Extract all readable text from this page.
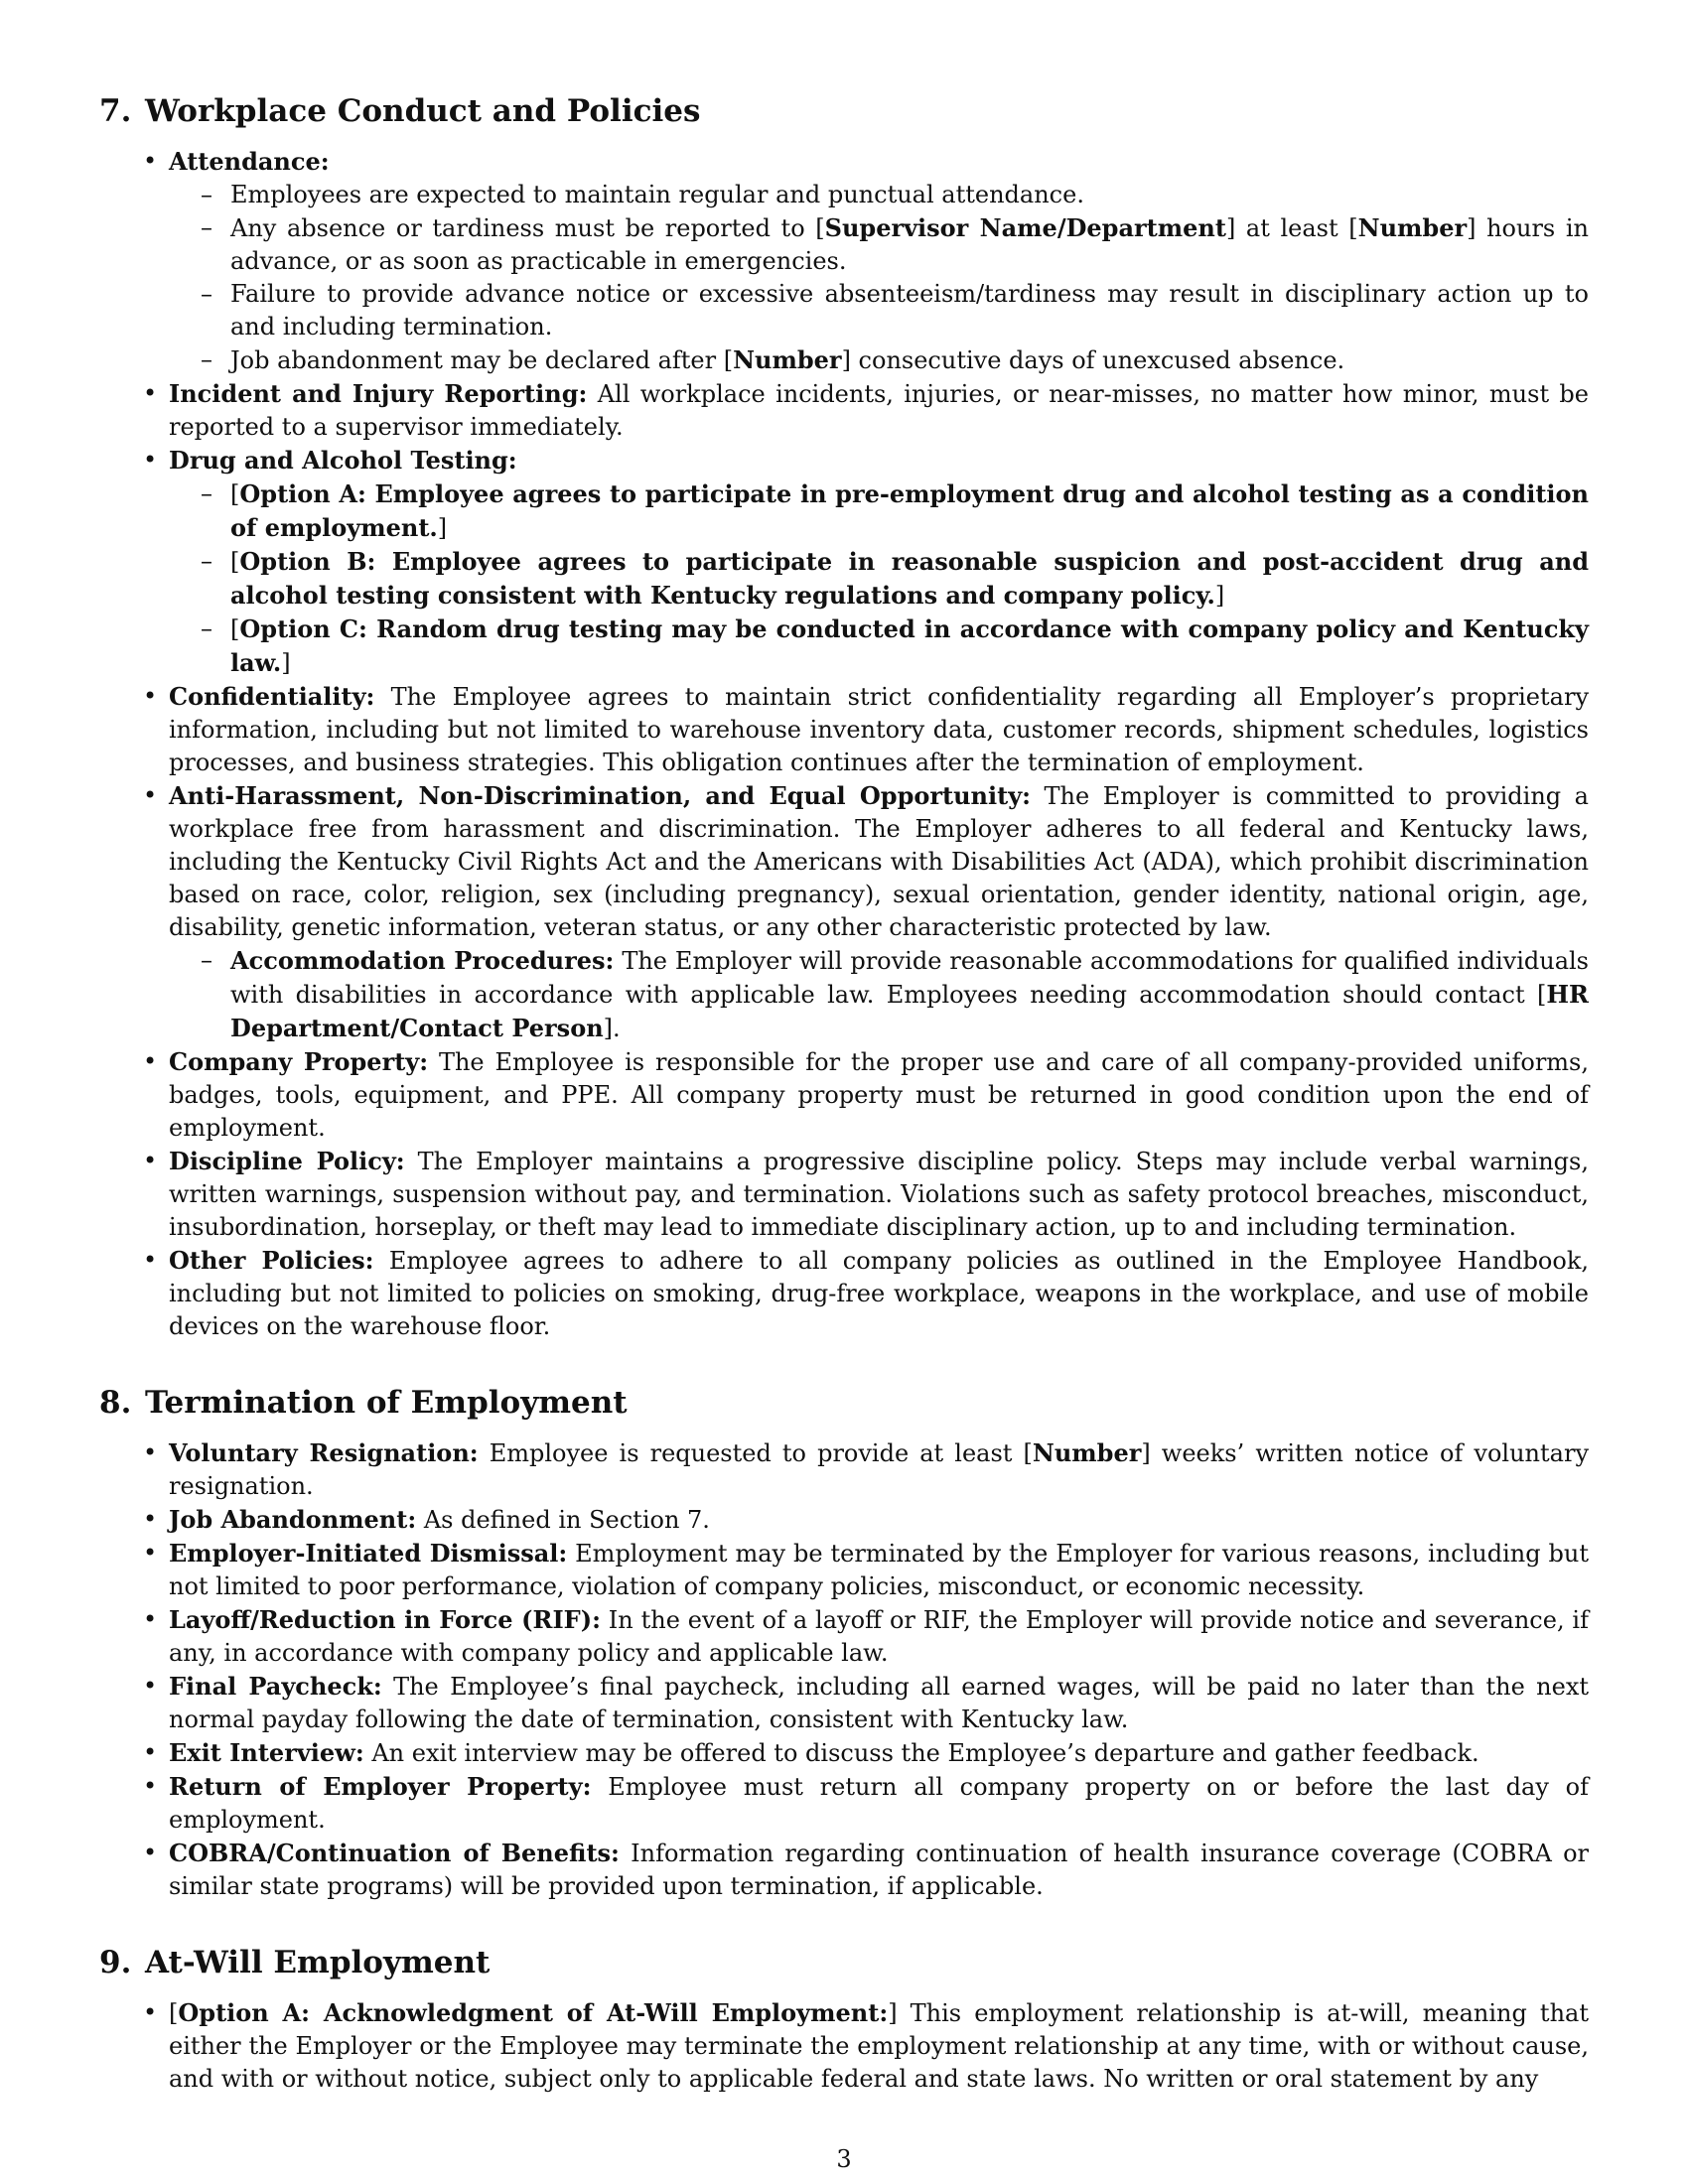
7. Workplace Conduct and Policies
• Attendance:
– Employees are expected to maintain regular and punctual attendance.
– Any absence or tardiness must be reported to [Supervisor Name/Department] at least [Number] hours in advance, or as soon as practicable in emergencies.
– Failure to provide advance notice or excessive absenteeism/tardiness may result in disciplinary action up to and including termination.
– Job abandonment may be declared after [Number] consecutive days of unexcused absence.
• Incident and Injury Reporting: All workplace incidents, injuries, or near-misses, no matter how minor, must be reported to a supervisor immediately.
• Drug and Alcohol Testing:
– [Option A: Employee agrees to participate in pre-employment drug and alcohol testing as a condition of employment.]
– [Option B: Employee agrees to participate in reasonable suspicion and post-accident drug and alcohol testing consistent with Kentucky regulations and company policy.]
– [Option C: Random drug testing may be conducted in accordance with company policy and Kentucky law.]
• Confidentiality: The Employee agrees to maintain strict confidentiality regarding all Employer’s proprietary information, including but not limited to warehouse inventory data, customer records, shipment schedules, logistics processes, and business strategies. This obligation continues after the termination of employment.
• Anti-Harassment, Non-Discrimination, and Equal Opportunity: The Employer is committed to providing a workplace free from harassment and discrimination. The Employer adheres to all federal and Kentucky laws, including the Kentucky Civil Rights Act and the Americans with Disabilities Act (ADA), which prohibit discrimination based on race, color, religion, sex (including pregnancy), sexual orientation, gender identity, national origin, age, disability, genetic information, veteran status, or any other characteristic protected by law.
– Accommodation Procedures: The Employer will provide reasonable accommodations for qualified individuals with disabilities in accordance with applicable law. Employees needing accommodation should contact [HR Department/Contact Person].
• Company Property: The Employee is responsible for the proper use and care of all company-provided uniforms, badges, tools, equipment, and PPE. All company property must be returned in good condition upon the end of employment.
• Discipline Policy: The Employer maintains a progressive discipline policy. Steps may include verbal warnings, written warnings, suspension without pay, and termination. Violations such as safety protocol breaches, misconduct, insubordination, horseplay, or theft may lead to immediate disciplinary action, up to and including termination.
• Other Policies: Employee agrees to adhere to all company policies as outlined in the Employee Handbook, including but not limited to policies on smoking, drug-free workplace, weapons in the workplace, and use of mobile devices on the warehouse floor.
8. Termination of Employment
• Voluntary Resignation: Employee is requested to provide at least [Number] weeks’ written notice of voluntary resignation.
• Job Abandonment: As defined in Section 7.
• Employer-Initiated Dismissal: Employment may be terminated by the Employer for various reasons, including but not limited to poor performance, violation of company policies, misconduct, or economic necessity.
• Layoff/Reduction in Force (RIF): In the event of a layoff or RIF, the Employer will provide notice and severance, if any, in accordance with company policy and applicable law.
• Final Paycheck: The Employee’s final paycheck, including all earned wages, will be paid no later than the next normal payday following the date of termination, consistent with Kentucky law.
• Exit Interview: An exit interview may be offered to discuss the Employee’s departure and gather feedback.
• Return of Employer Property: Employee must return all company property on or before the last day of employment.
• COBRA/Continuation of Benefits: Information regarding continuation of health insurance coverage (COBRA or similar state programs) will be provided upon termination, if applicable.
9. At-Will Employment
• [Option A: Acknowledgment of At-Will Employment:] This employment relationship is at-will, meaning that either the Employer or the Employee may terminate the employment relationship at any time, with or without cause, and with or without notice, subject only to applicable federal and state laws. No written or oral statement by any
3
